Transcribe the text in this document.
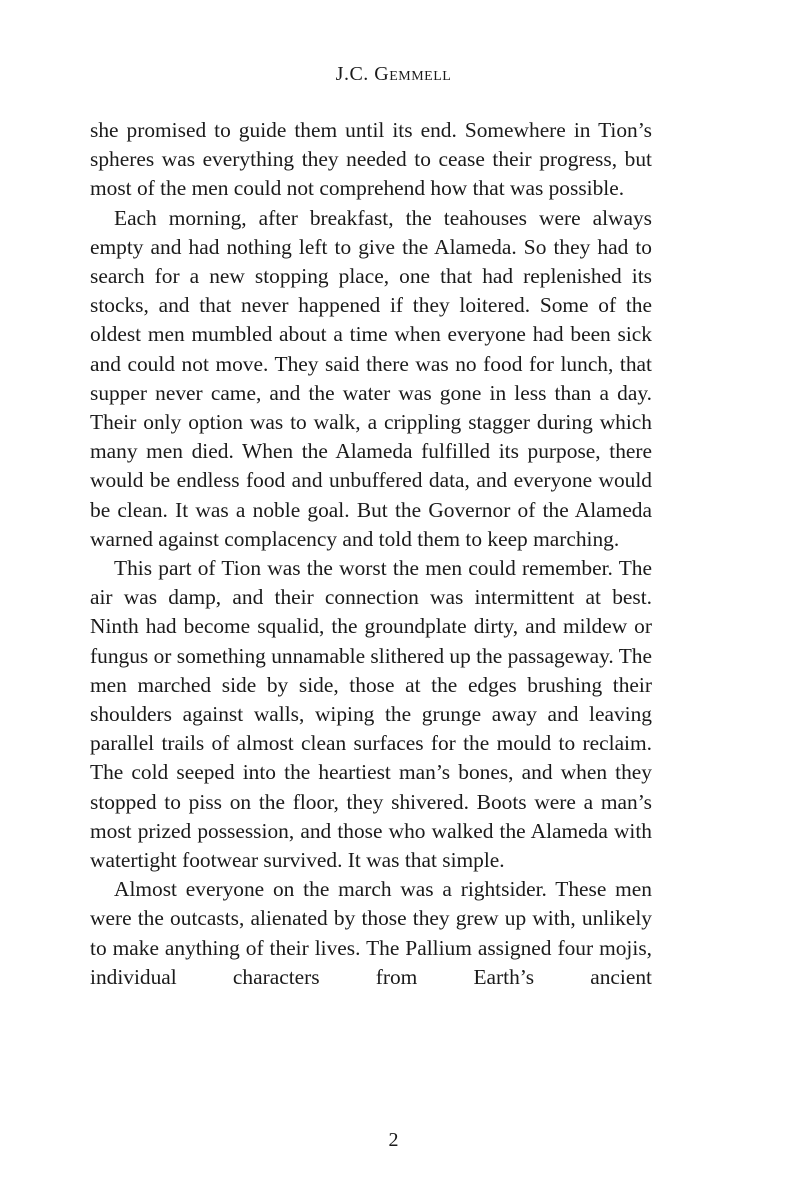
J.C. Gemmell

she promised to guide them until its end. Somewhere in Tion’s spheres was everything they needed to cease their progress, but most of the men could not comprehend how that was possible.

Each morning, after breakfast, the teahouses were always empty and had nothing left to give the Alameda. So they had to search for a new stopping place, one that had replenished its stocks, and that never happened if they loitered. Some of the oldest men mumbled about a time when everyone had been sick and could not move. They said there was no food for lunch, that supper never came, and the water was gone in less than a day. Their only option was to walk, a crippling stagger during which many men died. When the Alameda fulfilled its purpose, there would be endless food and unbuffered data, and everyone would be clean. It was a noble goal. But the Governor of the Alameda warned against complacency and told them to keep marching.

This part of Tion was the worst the men could remember. The air was damp, and their connection was intermittent at best. Ninth had become squalid, the groundplate dirty, and mildew or fungus or something unnamable slithered up the passageway. The men marched side by side, those at the edges brushing their shoulders against walls, wiping the grunge away and leaving parallel trails of almost clean surfaces for the mould to reclaim. The cold seeped into the heartiest man’s bones, and when they stopped to piss on the floor, they shivered. Boots were a man’s most prized possession, and those who walked the Alameda with watertight footwear survived. It was that simple.

Almost everyone on the march was a rightsider. These men were the outcasts, alienated by those they grew up with, unlikely to make anything of their lives. The Pallium assigned four mojis, individual characters from Earth’s ancient

2
